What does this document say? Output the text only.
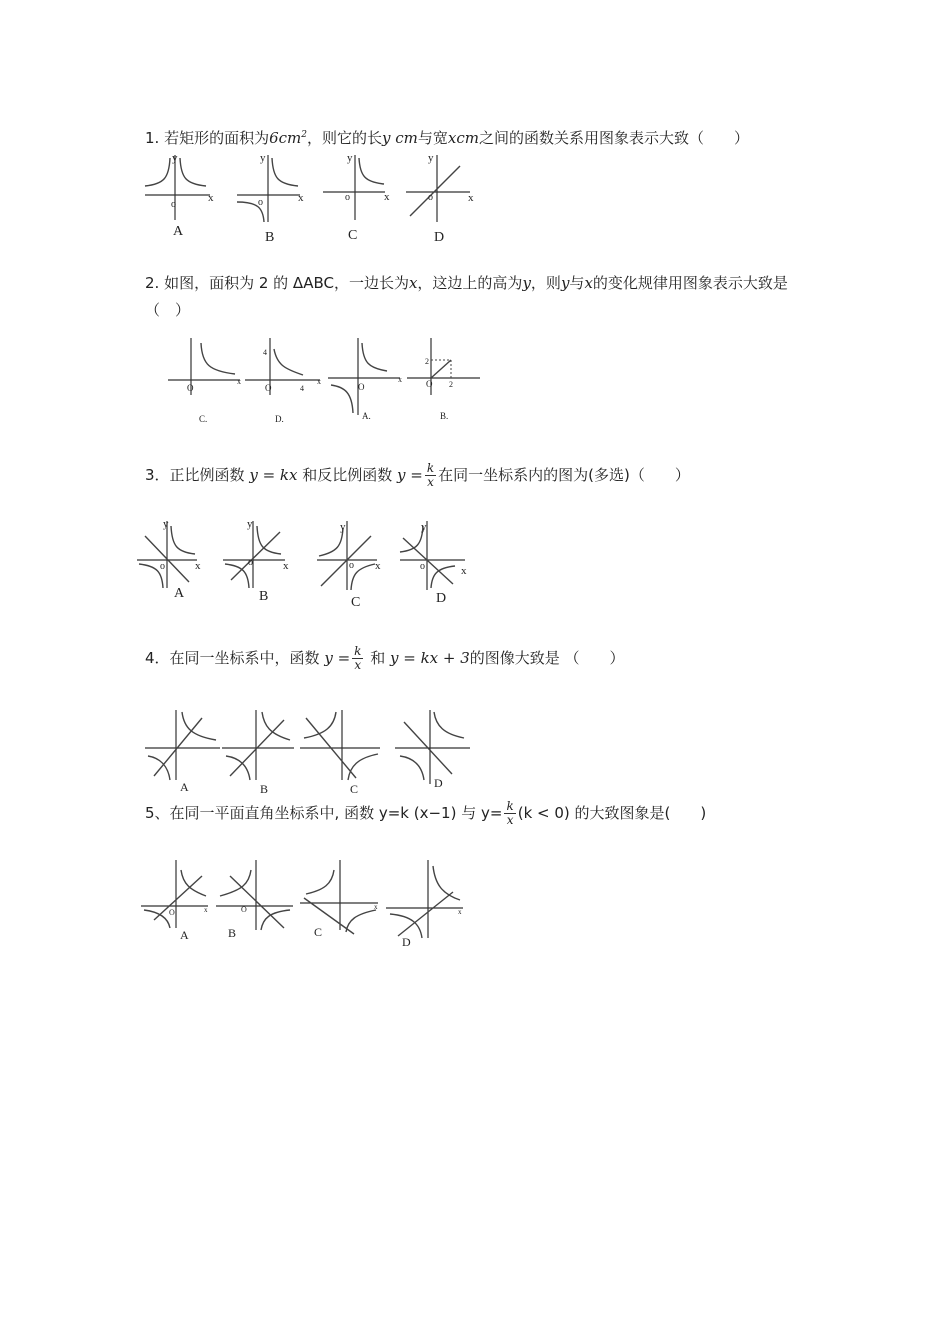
1. 若矩形的面积为$6cm^2$，则它的长y cm与宽xcm之间的函数关系用图象表示大致（　　）
y
o
x
A
y
o	x
B
y
o	x
C
y
o	x
D
2. 如图，面积为 2 的 ΔABC，一边长为x，这边上的高为y，则y与x的变化规律用图象表示大致是（　）
O
x
C.
4
4
O
x
D.
O
x
A.
2
2
O
B.
3．正比例函数 y = kx 和反比例函数 $y = \frac{k}{x}$ 在同一坐标系内的图为(多选)（　　）
y
o	x
A
y
o	x
B
y
o x
C
y
o	x
D
4．在同一坐标系中，函数 $y = \frac{k}{x}$ 和 y = kx + 3的图像大致是 （　　）
A	B	C	D
5、在同一平面直角坐标系中, 函数 y=k (x−1) 与 $y= \frac{k}{x} (k < 0)$ 的大致图象是(　　)
O	x
A
O
B
x
C
x
D
